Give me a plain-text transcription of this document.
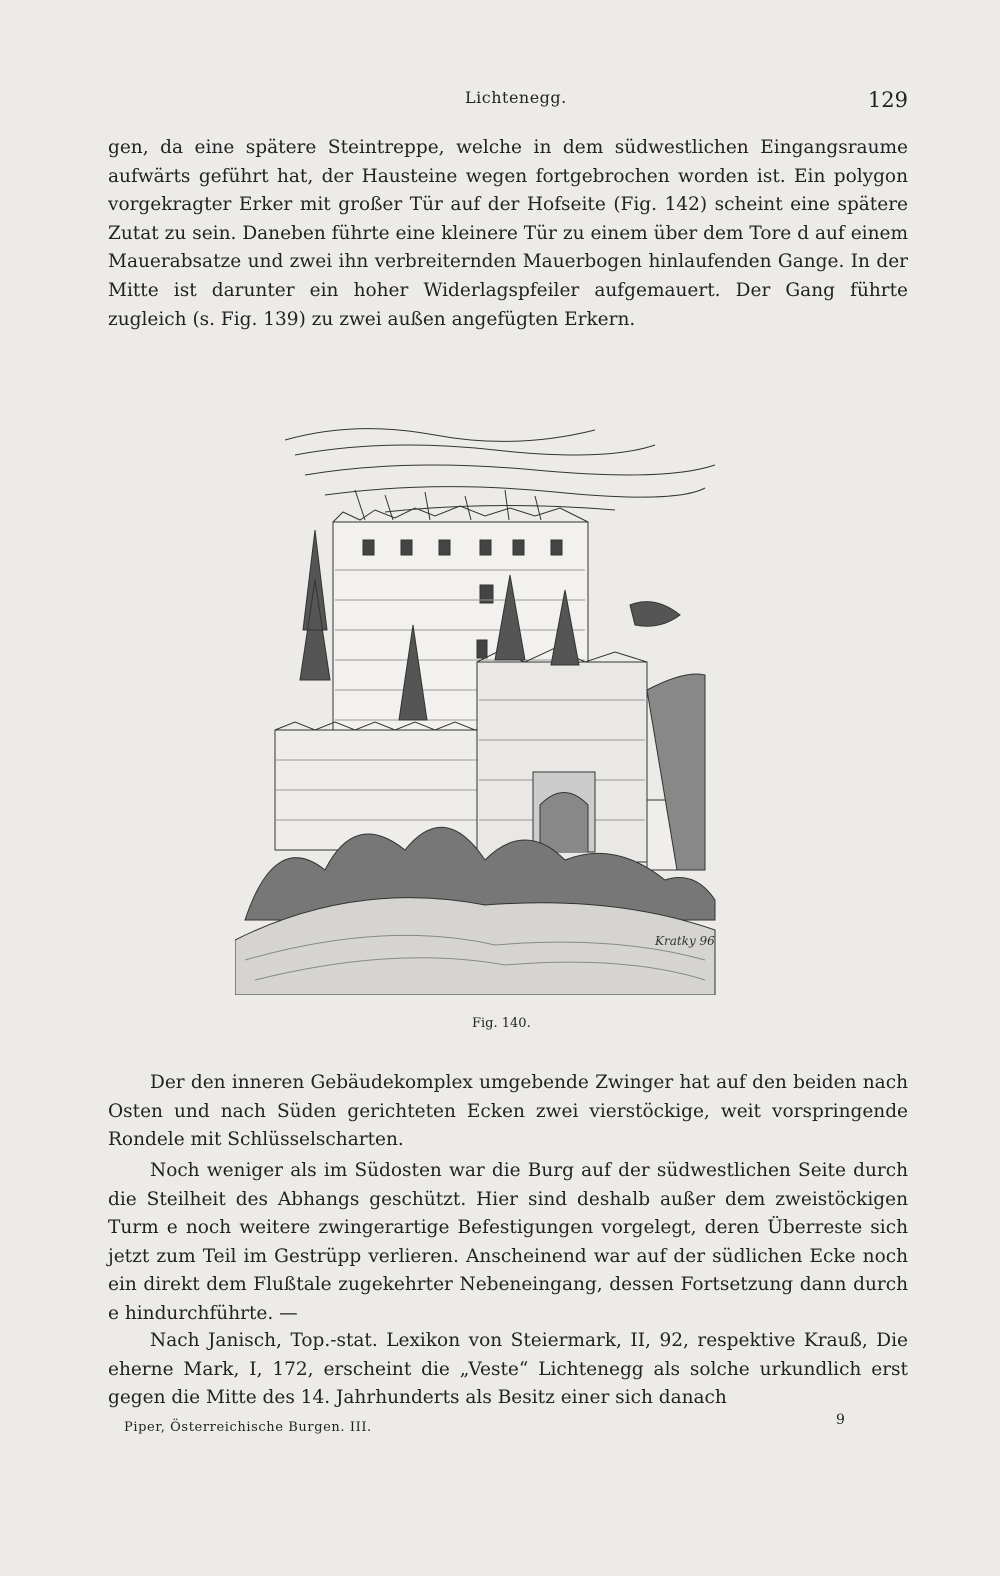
Lichtenegg.	129

gen, da eine spätere Steintreppe, welche in dem südwestlichen Eingangsraume aufwärts geführt hat, der Hausteine wegen fortgebrochen worden ist. Ein polygon vorgekragter Erker mit großer Tür auf der Hofseite (Fig. 142) scheint eine spätere Zutat zu sein. Daneben führte eine kleinere Tür zu einem über dem Tore d auf einem Mauerabsatze und zwei ihn verbreiternden Mauerbogen hinlaufenden Gange. In der Mitte ist darunter ein hoher Widerlagspfeiler aufgemauert. Der Gang führte zugleich (s. Fig. 139) zu zwei außen angefügten Erkern.

Kratky 96
Fig. 140.

Der den inneren Gebäudekomplex umgebende Zwinger hat auf den beiden nach Osten und nach Süden gerichteten Ecken zwei vierstöckige, weit vorspringende Rondele mit Schlüsselscharten.

Noch weniger als im Südosten war die Burg auf der südwestlichen Seite durch die Steilheit des Abhangs geschützt. Hier sind deshalb außer dem zweistöckigen Turm e noch weitere zwingerartige Befestigungen vorgelegt, deren Überreste sich jetzt zum Teil im Gestrüpp verlieren. Anscheinend war auf der südlichen Ecke noch ein direkt dem Flußtale zugekehrter Nebeneingang, dessen Fortsetzung dann durch e hindurchführte. —

Nach Janisch, Top.-stat. Lexikon von Steiermark, II, 92, respektive Krauß, Die eherne Mark, I, 172, erscheint die „Veste“ Lichtenegg als solche urkundlich erst gegen die Mitte des 14. Jahrhunderts als Besitz einer sich danach

Piper, Österreichische Burgen. III.	9
